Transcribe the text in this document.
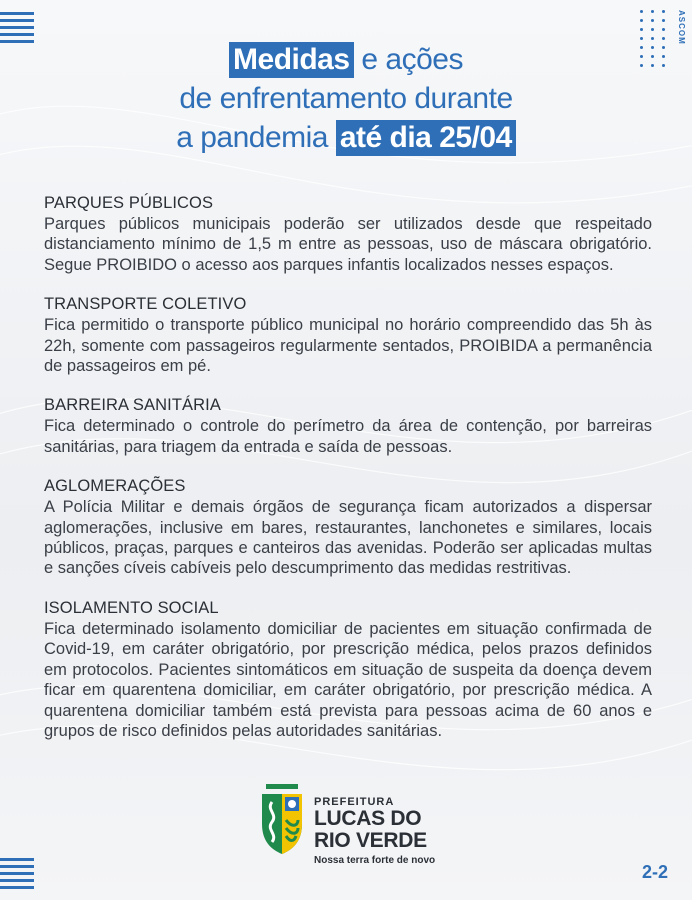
ASCOM
Medidas e ações
de enfrentamento durante
a pandemia até dia 25/04
PARQUES PÚBLICOS

Parques públicos municipais poderão ser utilizados desde que respeitado distanciamento mínimo de 1,5 m entre as pessoas, uso de máscara obrigatório. Segue PROIBIDO o acesso aos parques infantis localizados nesses espaços.

TRANSPORTE COLETIVO

Fica permitido o transporte público municipal no horário compreendido das 5h às 22h, somente com passageiros regularmente sentados, PROIBIDA a permanência de passageiros em pé.

BARREIRA SANITÁRIA

Fica determinado o controle do perímetro da área de contenção, por barreiras sanitárias, para triagem da entrada e saída de pessoas.

AGLOMERAÇÕES

A Polícia Militar e demais órgãos de segurança ficam autorizados a dispersar aglomerações, inclusive em bares, restaurantes, lanchonetes e similares, locais públicos, praças, parques e canteiros das avenidas. Poderão ser aplicadas multas e sanções cíveis cabíveis pelo descumprimento das medidas restritivas.

ISOLAMENTO SOCIAL

Fica determinado isolamento domiciliar de pacientes em situação confirmada de Covid-19, em caráter obrigatório, por prescrição médica, pelos prazos definidos em protocolos. Pacientes sintomáticos em situação de suspeita da doença devem ficar em quarentena domiciliar, em caráter obrigatório, por prescrição médica. A quarentena domiciliar também está prevista para pessoas acima de 60 anos e grupos de risco definidos pelas autoridades sanitárias.

PREFEITURA
LUCAS DO
RIO VERDE
Nossa terra forte de novo
2-2
